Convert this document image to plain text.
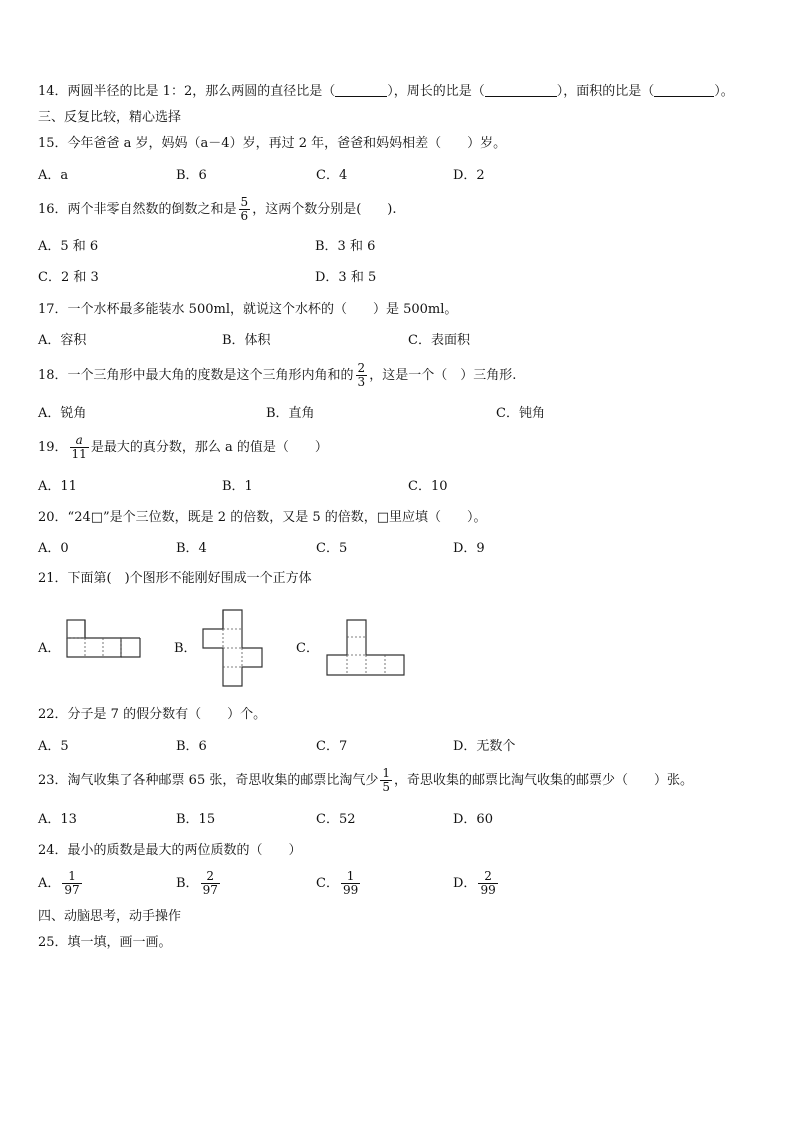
14．两圆半径的比是 1：2，那么两圆的直径比是（	），周长的比是（	），面积的比是（	）。
三、反复比较，精心选择
15．今年爸爸 a 岁，妈妈（a－4）岁，再过 2 年，爸爸和妈妈相差（　　）岁。
A．a	B．6	C．4	D．2
16．两个非零自然数的倒数之和是 $\frac{5}{6}$ ，这两个数分别是(　　).
A．5 和 6	B．3 和 6
C．2 和 3	D．3 和 5
17．一个水杯最多能装水 500ml，就说这个水杯的（　　）是 500ml。
A．容积	B．体积	C．表面积
18．一个三角形中最大角的度数是这个三角形内角和的 $\frac{2}{3}$ ，这是一个（　）三角形.
A．锐角	B．直角	C．钝角
19． $\frac{a}{11}$ 是最大的真分数，那么 a 的值是（　　）
A．11	B．1	C．10
20．“24□”是个三位数，既是 2 的倍数，又是 5 的倍数，□里应填（　　）。
A．0	B．4	C．5	D．9
21．下面第(　)个图形不能刚好围成一个正方体
A．	B．	C．
22．分子是 7 的假分数有（　　）个。
A．5	B．6	C．7	D．无数个
23．淘气收集了各种邮票 65 张，奇思收集的邮票比淘气少 $\frac{1}{5}$ ，奇思收集的邮票比淘气收集的邮票少（　　）张。
A．13	B．15	C．52	D．60
24．最小的质数是最大的两位质数的（　　）
A． $\frac{1}{97}$	B． $\frac{2}{97}$	C． $\frac{1}{99}$	D． $\frac{2}{99}$
四、动脑思考，动手操作
25．填一填，画一画。
